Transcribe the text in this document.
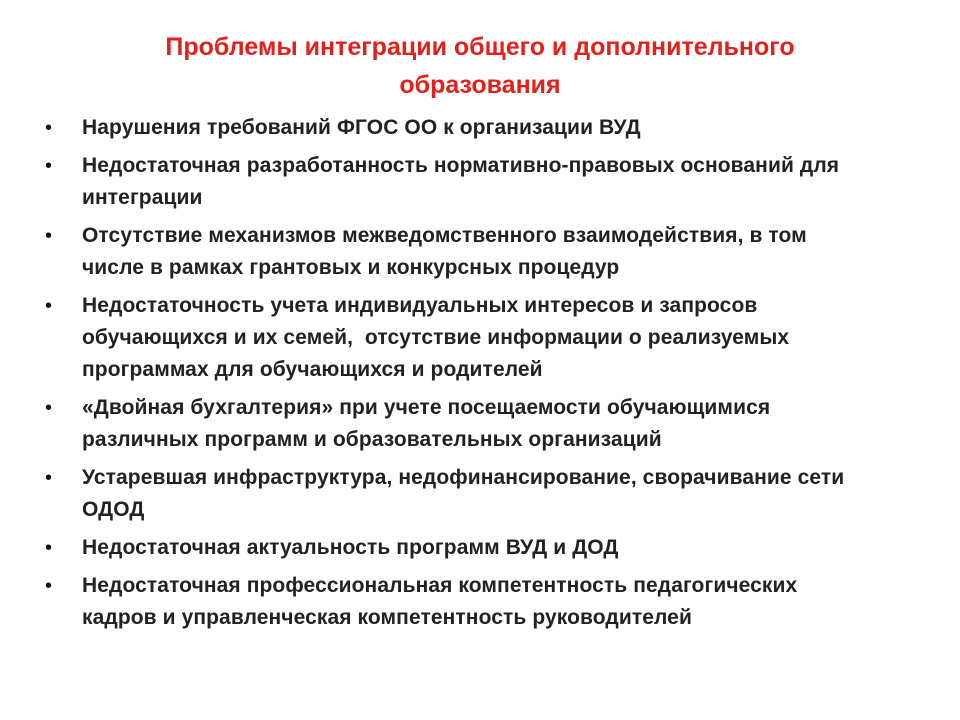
Проблемы интеграции общего и дополнительного
образования
•	Нарушения требований ФГОС ОО к организации ВУД
•	Недостаточная разработанность нормативно-правовых оснований для
интеграции
•	Отсутствие механизмов межведомственного взаимодействия, в том
числе в рамках грантовых и конкурсных процедур
•	Недостаточность учета индивидуальных интересов и запросов
обучающихся и их семей,  отсутствие информации о реализуемых
программах для обучающихся и родителей
•	«Двойная бухгалтерия» при учете посещаемости обучающимися
различных программ и образовательных организаций
•	Устаревшая инфраструктура, недофинансирование, сворачивание сети
ОДОД
•	Недостаточная актуальность программ ВУД и ДОД
•	Недостаточная профессиональная компетентность педагогических
кадров и управленческая компетентность руководителей
